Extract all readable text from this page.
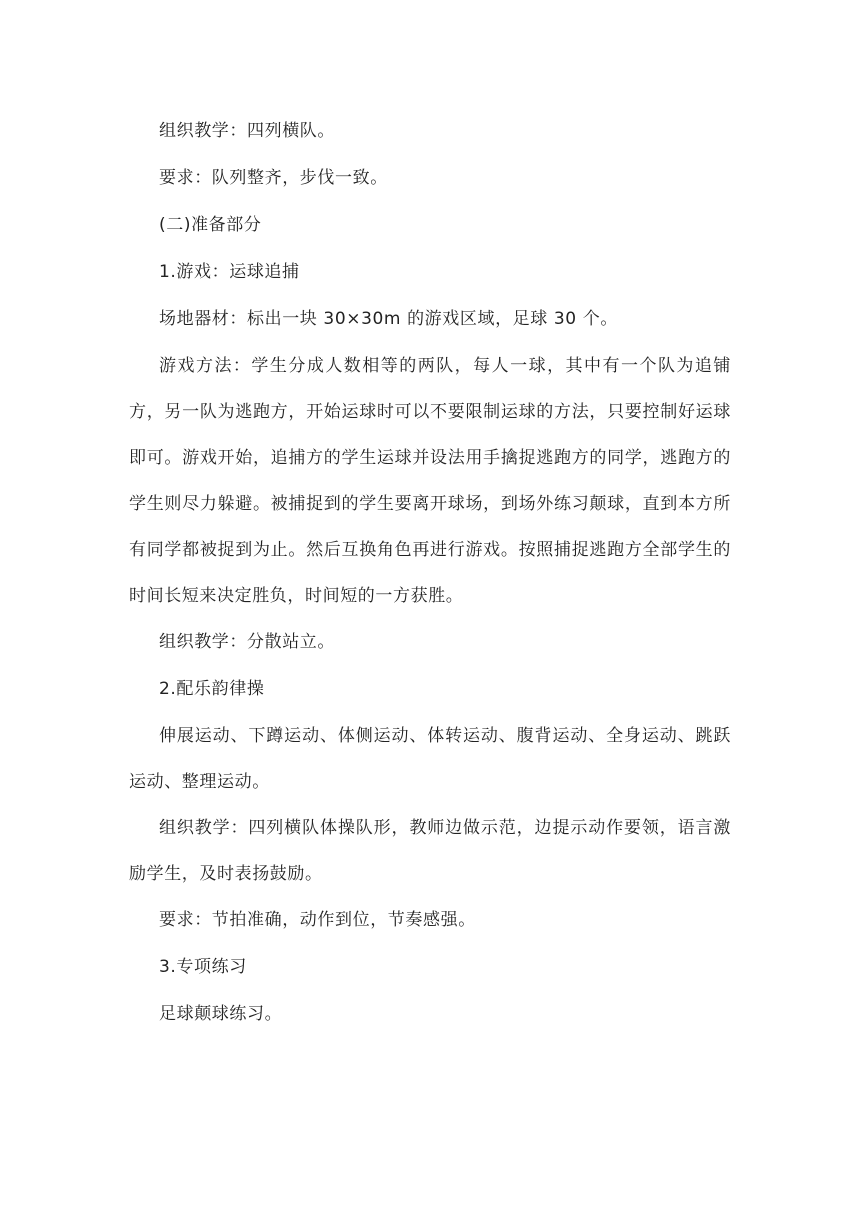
组织教学：四列横队。

要求：队列整齐，步伐一致。

(二)准备部分

1.游戏：运球追捕

场地器材：标出一块 30×30m 的游戏区域，足球 30 个。

游戏方法：学生分成人数相等的两队，每人一球，其中有一个队为追铺方，另一队为逃跑方，开始运球时可以不要限制运球的方法，只要控制好运球即可。游戏开始，追捕方的学生运球并设法用手擒捉逃跑方的同学，逃跑方的学生则尽力躲避。被捕捉到的学生要离开球场，到场外练习颠球，直到本方所有同学都被捉到为止。然后互换角色再进行游戏。按照捕捉逃跑方全部学生的时间长短来决定胜负，时间短的一方获胜。

组织教学：分散站立。

2.配乐韵律操

伸展运动、下蹲运动、体侧运动、体转运动、腹背运动、全身运动、跳跃运动、整理运动。

组织教学：四列横队体操队形，教师边做示范，边提示动作要领，语言激励学生，及时表扬鼓励。

要求：节拍准确，动作到位，节奏感强。

3.专项练习

足球颠球练习。
